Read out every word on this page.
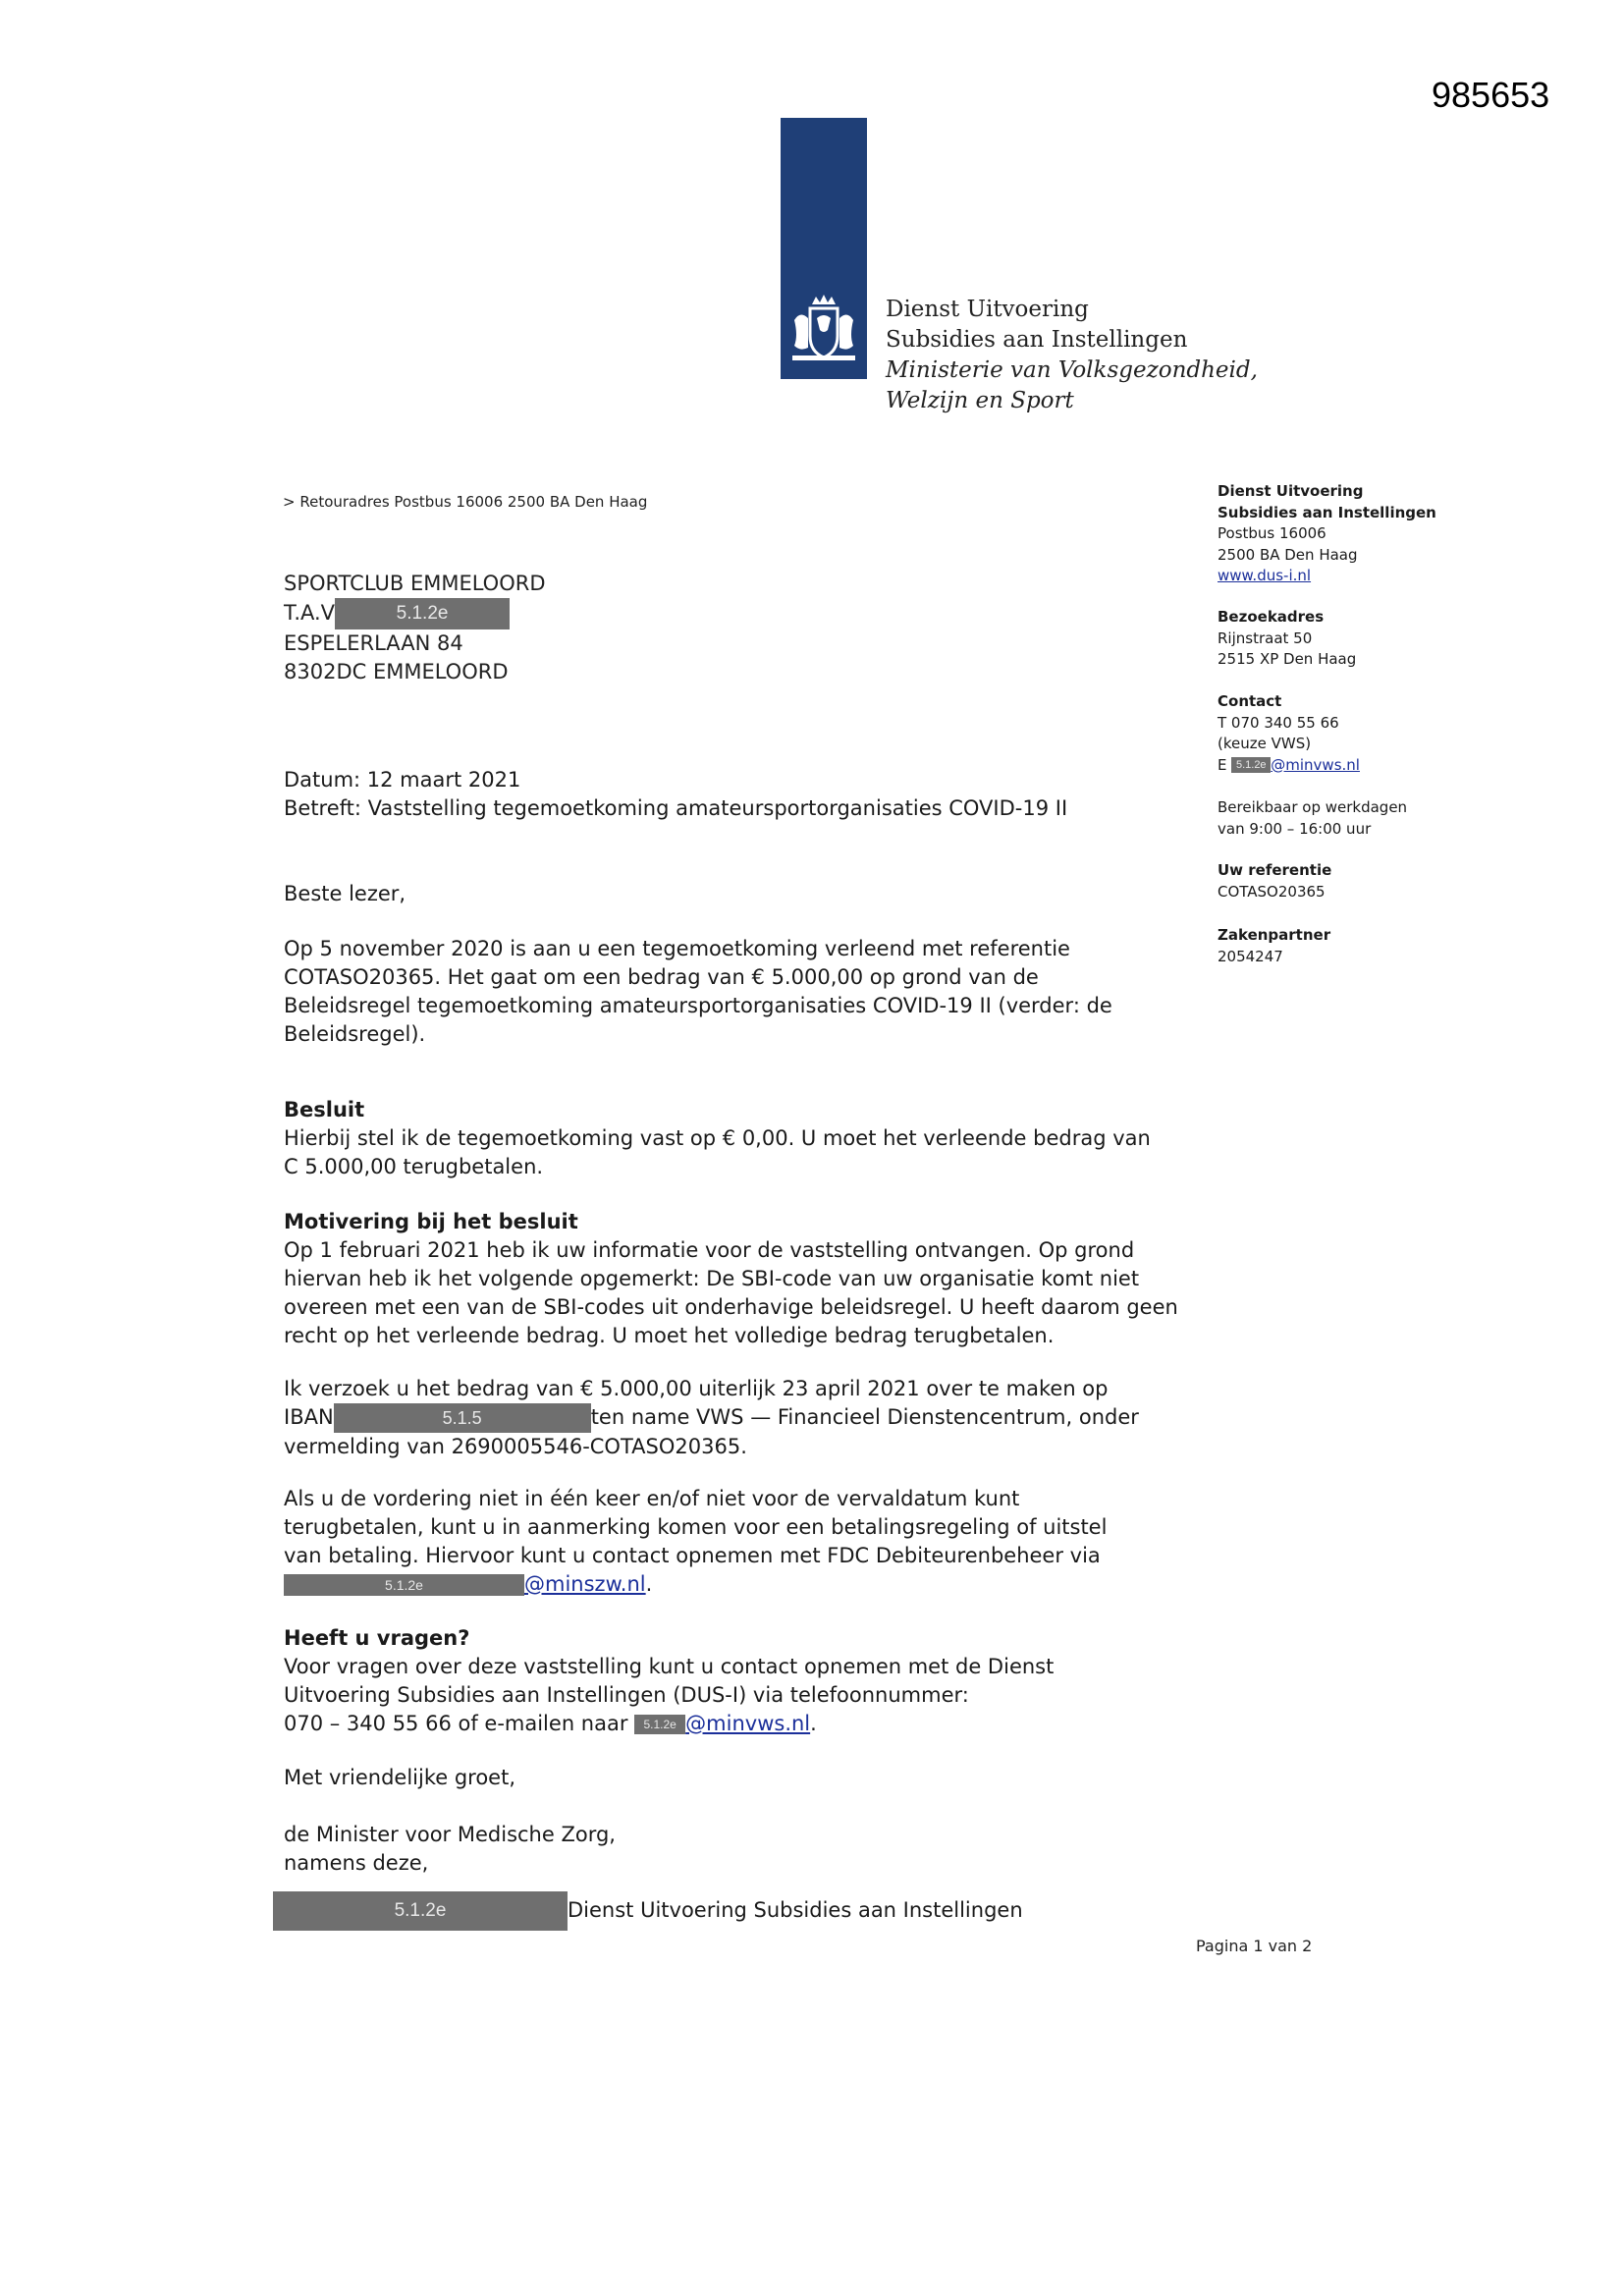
985653
Dienst Uitvoering
Subsidies aan Instellingen
Ministerie van Volksgezondheid,
Welzijn en Sport
> Retouradres Postbus 16006 2500 BA Den Haag
SPORTCLUB EMMELOORD
T.A.V	5.1.2e
ESPELERLAAN 84
8302DC EMMELOORD
Dienst Uitvoering
Subsidies aan Instellingen
Postbus 16006
2500 BA Den Haag
www.dus-i.nl
Bezoekadres
Rijnstraat 50
2515 XP Den Haag
Contact
T 070 340 55 66
(keuze VWS)
E 5.1.2e @minvws.nl
Bereikbaar op werkdagen
van 9:00 – 16:00 uur
Uw referentie
COTASO20365
Zakenpartner
2054247

Datum: 12 maart 2021

Betreft: Vaststelling tegemoetkoming amateursportorganisaties COVID-19 II

Beste lezer,
Op 5 november 2020 is aan u een tegemoetkoming verleend met referentie COTASO20365. Het gaat om een bedrag van € 5.000,00 op grond van de Beleidsregel tegemoetkoming amateursportorganisaties COVID-19 II (verder: de Beleidsregel).

Besluit

Hierbij stel ik de tegemoetkoming vast op € 0,00. U moet het verleende bedrag van C 5.000,00 terugbetalen.

Motivering bij het besluit

Op 1 februari 2021 heb ik uw informatie voor de vaststelling ontvangen. Op grond hiervan heb ik het volgende opgemerkt: De SBI-code van uw organisatie komt niet overeen met een van de SBI-codes uit onderhavige beleidsregel. U heeft daarom geen recht op het verleende bedrag. U moet het volledige bedrag terugbetalen.

Ik verzoek u het bedrag van € 5.000,00 uiterlijk 23 april 2021 over te maken op

IBAN	5.1.5	ten name VWS — Financieel Dienstencentrum, onder

vermelding van 2690005546-COTASO20365.

Als u de vordering niet in één keer en/of niet voor de vervaldatum kunt terugbetalen, kunt u in aanmerking komen voor een betalingsregeling of uitstel van betaling. Hiervoor kunt u contact opnemen met FDC Debiteurenbeheer via

5.1.2e	@minszw.nl.

Heeft u vragen?

Voor vragen over deze vaststelling kunt u contact opnemen met de Dienst Uitvoering Subsidies aan Instellingen (DUS-I) via telefoonnummer:

070 – 340 55 66 of e-mailen naar 5.1.2e @minvws.nl.

Met vriendelijke groet,

de Minister voor Medische Zorg,

namens deze,

5.1.2e	Dienst Uitvoering Subsidies aan Instellingen
Pagina 1 van 2
